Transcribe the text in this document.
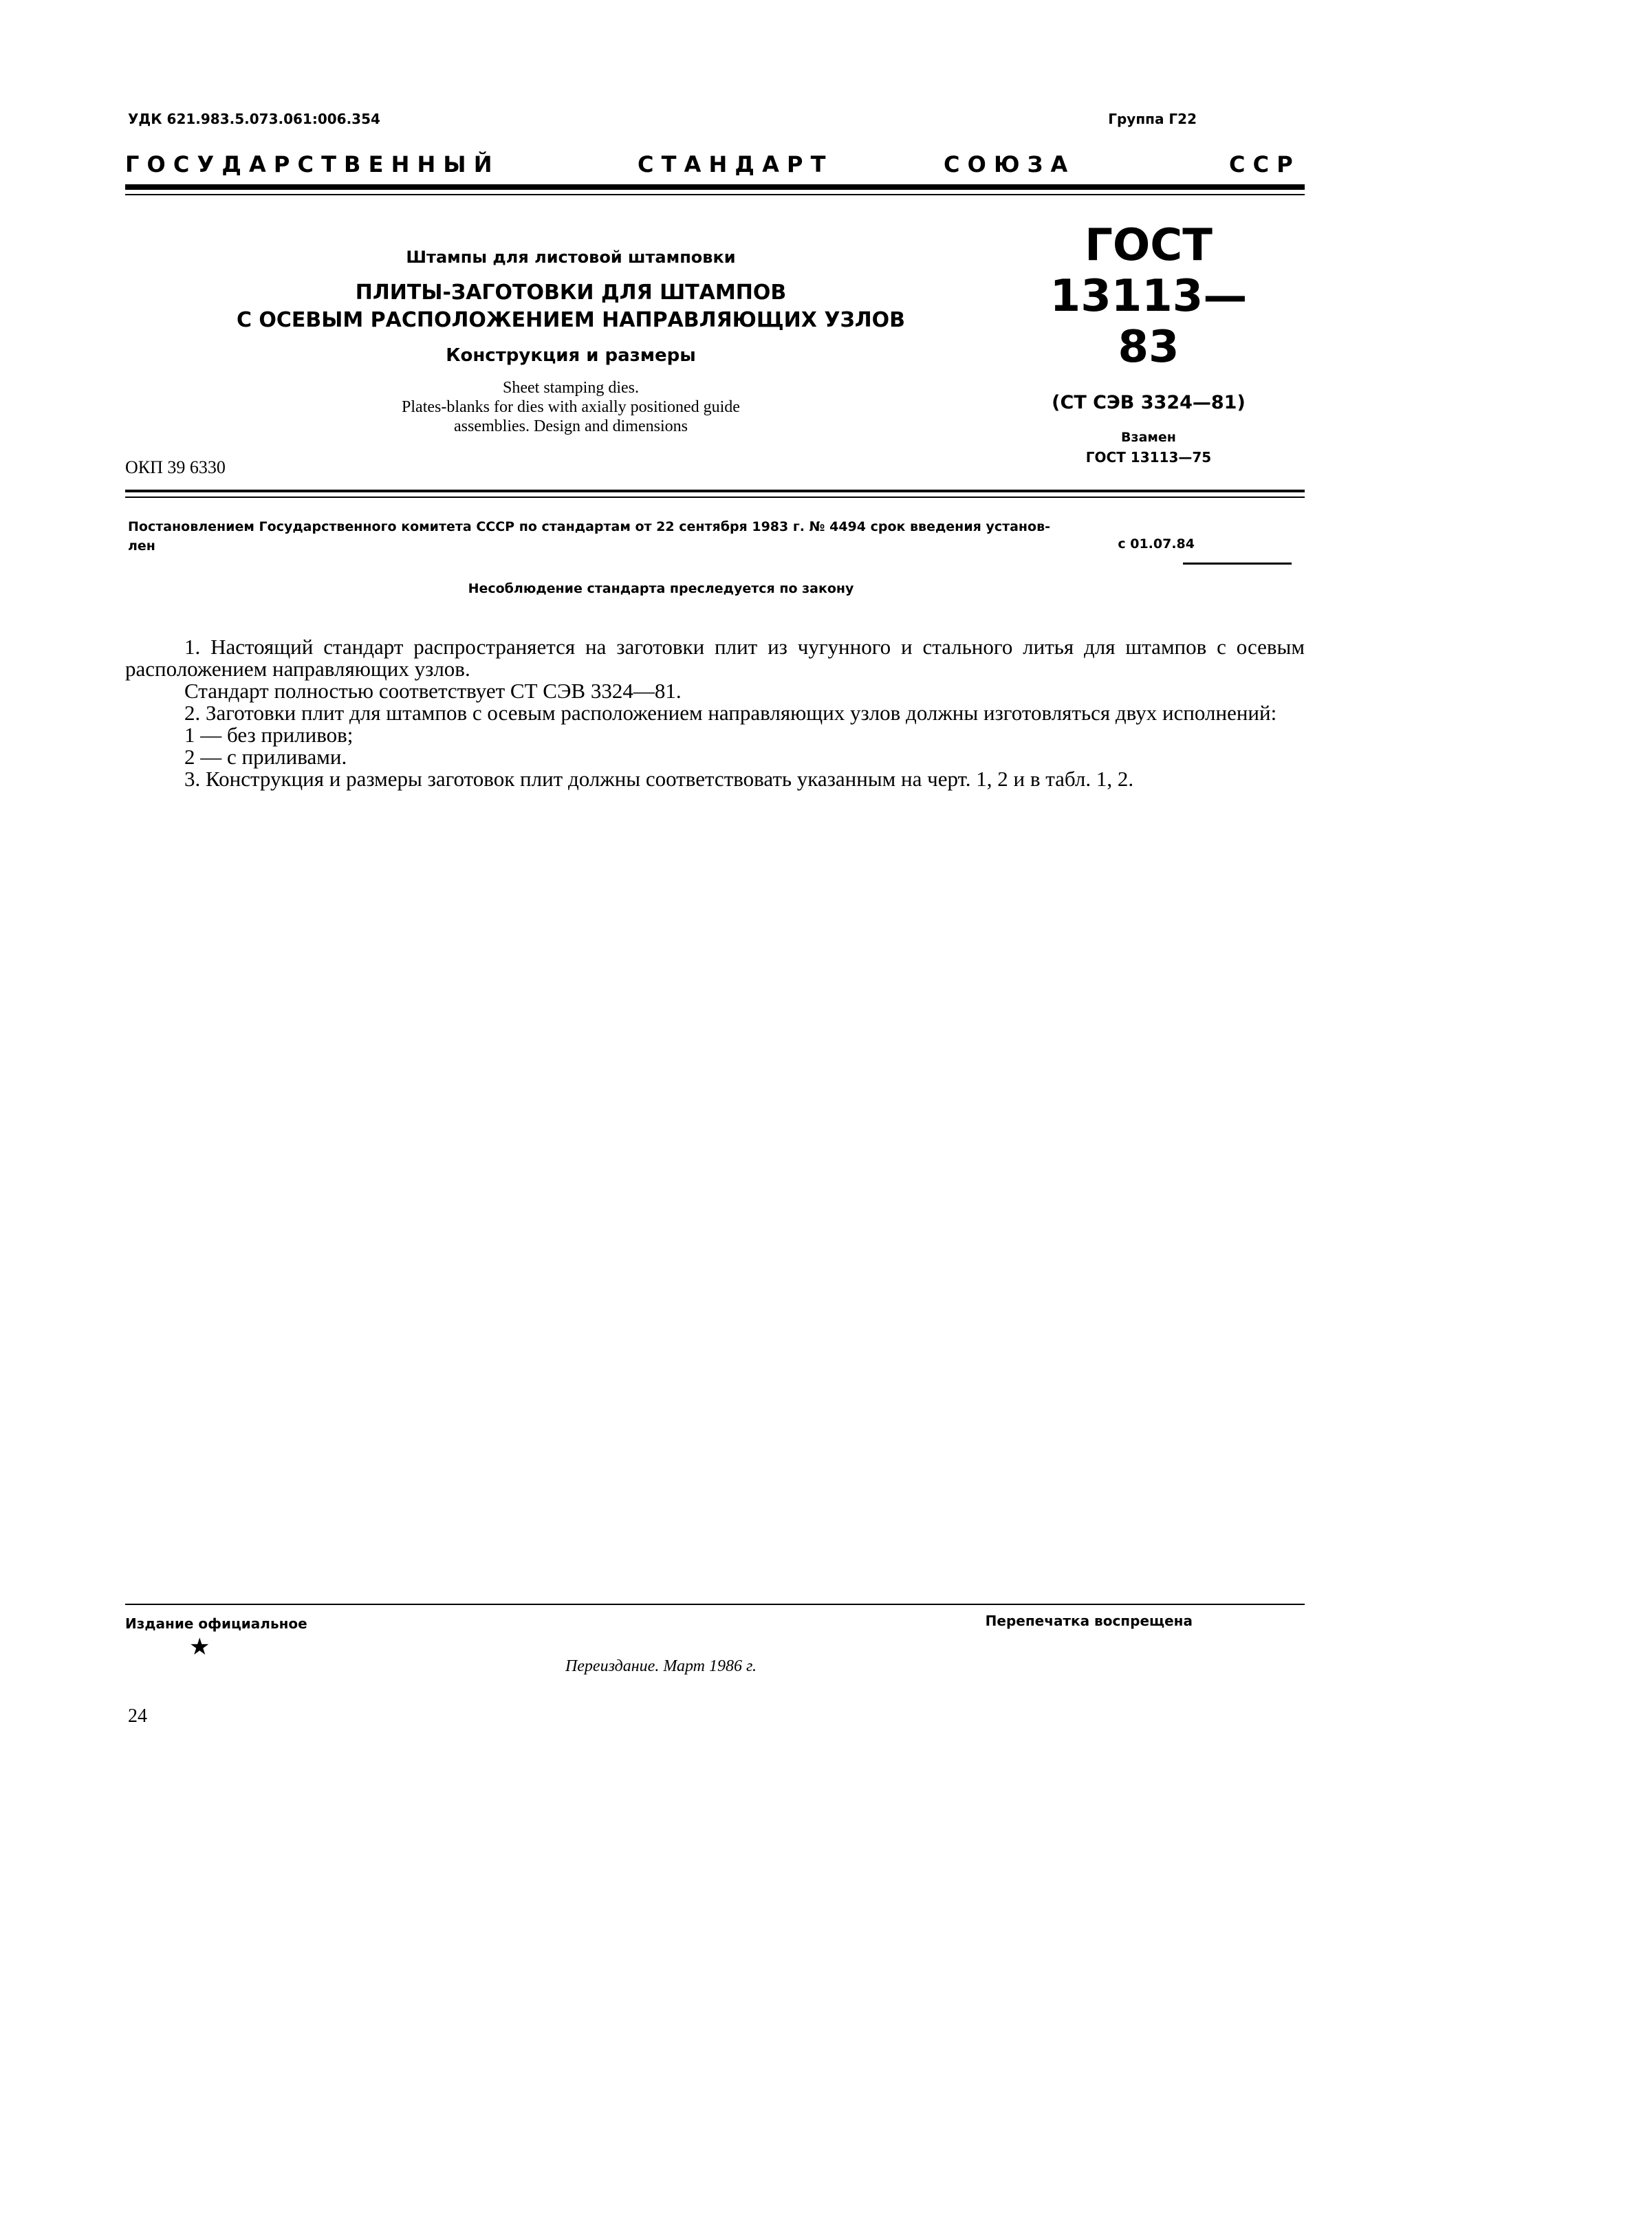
УДК 621.983.5.073.061:006.354	Группа Г22
Г О С У Д А Р С Т В Е Н Н Ы Й	С Т А Н Д А Р Т	С О Ю З А	С С Р
Штампы для листовой штамповки
ПЛИТЫ-ЗАГОТОВКИ ДЛЯ ШТАМПОВ
С ОСЕВЫМ РАСПОЛОЖЕНИЕМ НАПРАВЛЯЮЩИХ УЗЛОВ
Конструкция и размеры
Sheet stamping dies.
Plates-blanks for dies with axially positioned guide
assemblies. Design and dimensions
ГОСТ
13113—83
(СТ СЭВ 3324—81)
Взамен
ГОСТ 13113—75
ОКП 39 6330
Постановлением Государственного комитета СССР по стандартам от 22 сентября 1983 г. № 4494 срок введения установ-
лен	с 01.07.84
Несоблюдение стандарта преследуется по закону

1. Настоящий стандарт распространяется на заготовки плит из чугунного и стального литья для штампов с осевым расположением направляющих узлов.

Стандарт полностью соответствует СТ СЭВ 3324—81.

2. Заготовки плит для штампов с осевым расположением направляющих узлов должны изготовляться двух исполнений:

1 — без приливов;

2 — с приливами.

3. Конструкция и размеры заготовок плит должны соответствовать указанным на черт. 1, 2 и в табл. 1, 2.

Издание официальное	Перепечатка воспрещена
★
Переиздание. Март 1986 г.
24
